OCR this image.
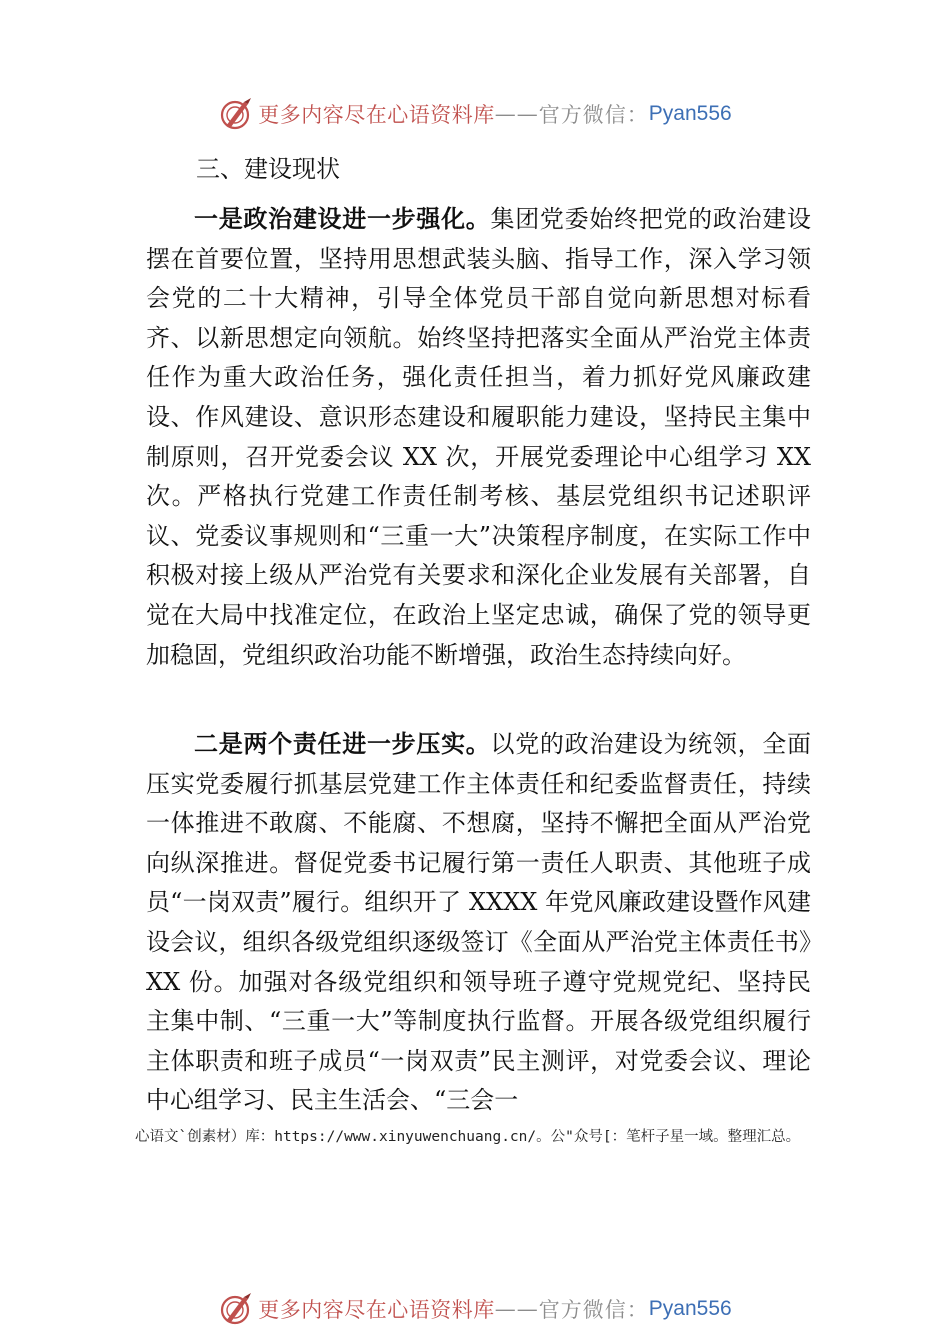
更多内容尽在心语资料库 —— 官方微信： Pyan556
三、建设现状

一是政治建设进一步强化。集团党委始终把党的政治建设摆在首要位置，坚持用思想武装头脑、指导工作，深入学习领会党的二十大精神，引导全体党员干部自觉向新思想对标看齐、以新思想定向领航。始终坚持把落实全面从严治党主体责任作为重大政治任务，强化责任担当，着力抓好党风廉政建设、作风建设、意识形态建设和履职能力建设，坚持民主集中制原则，召开党委会议 XX 次，开展党委理论中心组学习 XX 次。严格执行党建工作责任制考核、基层党组织书记述职评议、党委议事规则和“三重一大”决策程序制度，在实际工作中积极对接上级从严治党有关要求和深化企业发展有关部署，自觉在大局中找准定位，在政治上坚定忠诚，确保了党的领导更加稳固，党组织政治功能不断增强，政治生态持续向好。

二是两个责任进一步压实。以党的政治建设为统领，全面压实党委履行抓基层党建工作主体责任和纪委监督责任，持续一体推进不敢腐、不能腐、不想腐，坚持不懈把全面从严治党向纵深推进。督促党委书记履行第一责任人职责、其他班子成员“一岗双责”履行。组织开了 XXXX 年党风廉政建设暨作风建设会议，组织各级党组织逐级签订《全面从严治党主体责任书》XX 份。加强对各级党组织和领导班子遵守党规党纪、坚持民主集中制、“三重一大”等制度执行监督。开展各级党组织履行主体职责和班子成员“一岗双责”民主测评，对党委会议、理论中心组学习、民主生活会、“三会一

心语文`创素材）库：https://www.xinyuwenchuang.cn/。公"众号[：笔杆子星一域。整理汇总。
更多内容尽在心语资料库 —— 官方微信： Pyan556
